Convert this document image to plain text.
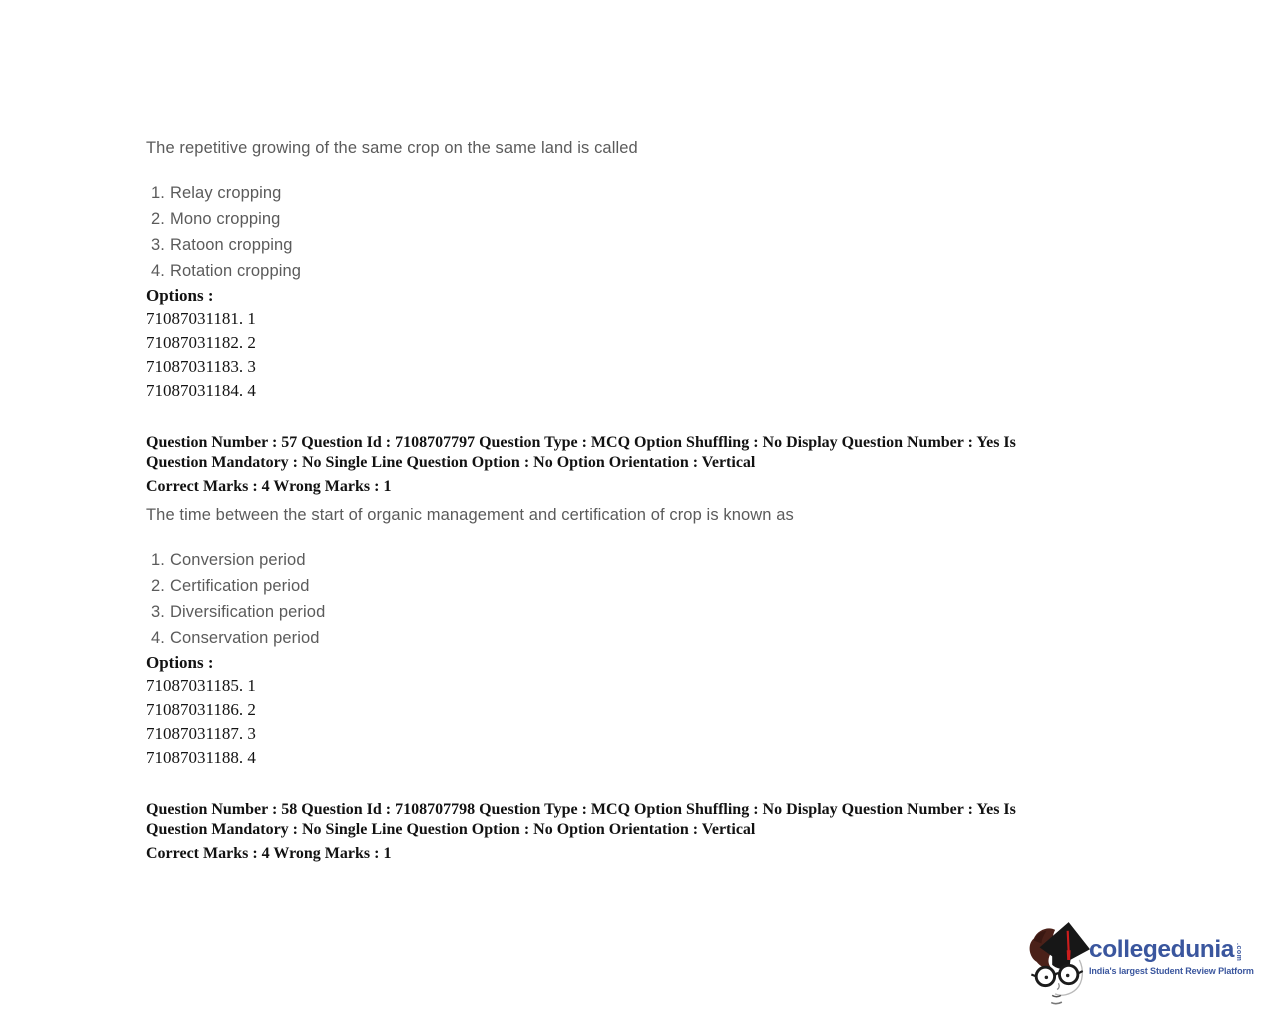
The repetitive growing of the same crop on the same land is called

1. Relay cropping
2. Mono cropping
3. Ratoon cropping
4. Rotation cropping

Options :

71087031181. 1
71087031182. 2
71087031183. 3
71087031184. 4

Question Number : 57 Question Id : 7108707797 Question Type : MCQ Option Shuffling : No Display Question Number : Yes Is

Question Mandatory : No Single Line Question Option : No Option Orientation : Vertical

Correct Marks : 4 Wrong Marks : 1

The time between the start of organic management and certification of crop is known as

1. Conversion period
2. Certification period
3. Diversification period
4. Conservation period

Options :

71087031185. 1
71087031186. 2
71087031187. 3
71087031188. 4

Question Number : 58 Question Id : 7108707798 Question Type : MCQ Option Shuffling : No Display Question Number : Yes Is

Question Mandatory : No Single Line Question Option : No Option Orientation : Vertical

Correct Marks : 4 Wrong Marks : 1

collegedunia .com
India's largest Student Review Platform
